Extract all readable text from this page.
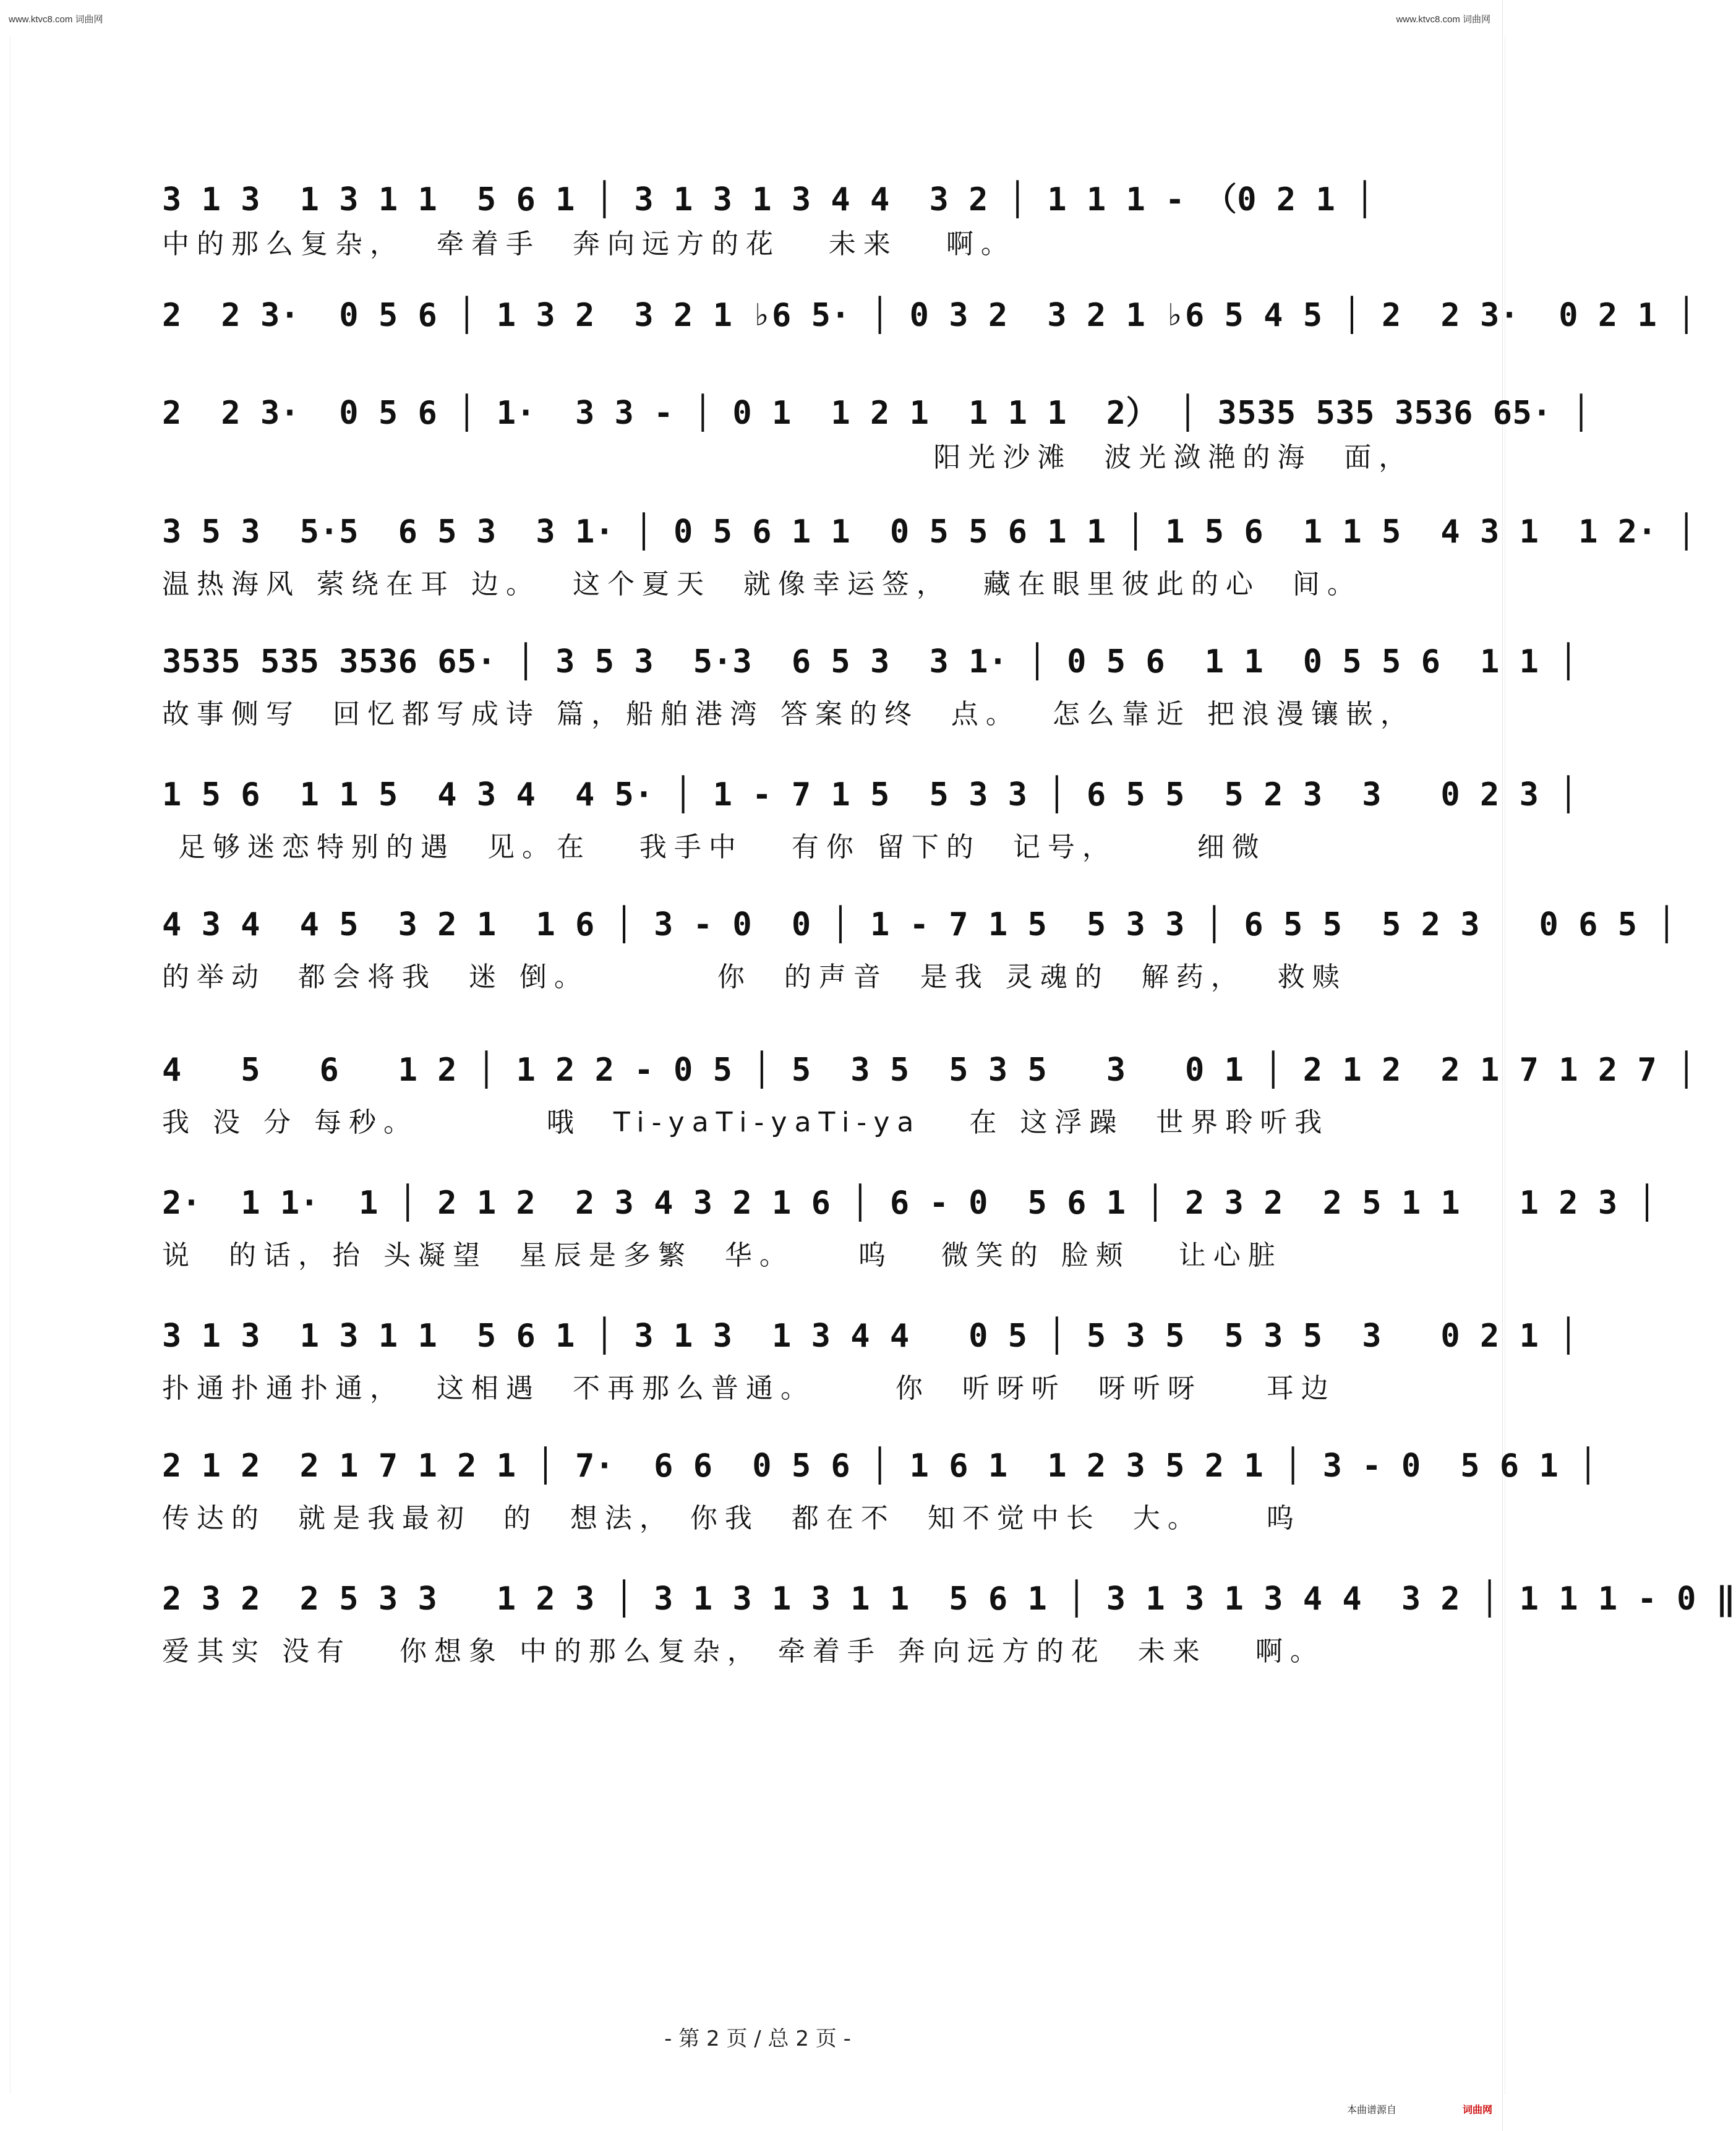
www.ktvc8.com 词曲网	www.ktvc8.com 词曲网
3 1 3  1 3 1 1  5 6 1 │ 3 1 3 1 3 4 4  3 2 │ 1 1 1 - （0 2 1 │
中的那么复杂，  牵着手  奔向远方的花   未来   啊。
2  2 3·  0 5 6 │ 1 3 2  3 2 1 ♭6 5· │ 0 3 2  3 2 1 ♭6 5 4 5 │ 2  2 3·  0 2 1 │
2  2 3·  0 5 6 │ 1·  3 3 - │ 0 1  1 2 1  1 1 1  2） │ 3535 535 3536 65· │
阳光沙滩  波光潋滟的海  面，
3 5 3  5·5  6 5 3  3 1· │ 0 5 6 1 1  0 5 5 6 1 1 │ 1 5 6  1 1 5  4 3 1  1 2· │
温热海风 萦绕在耳 边。  这个夏天  就像幸运签，  藏在眼里彼此的心  间。
3535 535 3536 65· │ 3 5 3  5·3  6 5 3  3 1· │ 0 5 6  1 1  0 5 5 6  1 1 │
故事侧写  回忆都写成诗 篇，船舶港湾 答案的终  点。  怎么靠近 把浪漫镶嵌，
1 5 6  1 1 5  4 3 4  4 5· │ 1 - 7 1 5  5 3 3 │ 6 5 5  5 2 3  3   0 2 3 │
足够迷恋特别的遇  见。在   我手中   有你 留下的  记号，     细微
4 3 4  4 5  3 2 1  1 6 │ 3 - 0  0 │ 1 - 7 1 5  5 3 3 │ 6 5 5  5 2 3   0 6 5 │
的举动  都会将我  迷 倒。        你  的声音  是我 灵魂的  解药，  救赎
4   5   6   1 2 │ 1 2 2 - 0 5 │ 5  3 5  5 3 5   3   0 1 │ 2 1 2  2 1 7 1 2 7 │
我 没 分 每秒。        哦  Ti-yaTi-yaTi-ya   在 这浮躁  世界聆听我
2·  1 1·  1 │ 2 1 2  2 3 4 3 2 1 6 │ 6 - 0  5 6 1 │ 2 3 2  2 5 1 1   1 2 3 │
说  的话，抬 头凝望  星辰是多繁  华。    呜   微笑的 脸颊   让心脏
3 1 3  1 3 1 1  5 6 1 │ 3 1 3  1 3 4 4   0 5 │ 5 3 5  5 3 5  3   0 2 1 │
扑通扑通扑通，  这相遇  不再那么普通。     你  听呀听  呀听呀    耳边
2 1 2  2 1 7 1 2 1 │ 7·  6 6  0 5 6 │ 1 6 1  1 2 3 5 2 1 │ 3 - 0  5 6 1 │
传达的  就是我最初  的  想法， 你我  都在不  知不觉中长  大。    呜
2 3 2  2 5 3 3   1 2 3 │ 3 1 3 1 3 1 1  5 6 1 │ 3 1 3 1 3 4 4  3 2 │ 1 1 1 - 0 ‖
爱其实 没有   你想象 中的那么复杂， 牵着手 奔向远方的花  未来   啊。
- 第 2 页 / 总 2 页 -
本曲谱源自	词曲网
